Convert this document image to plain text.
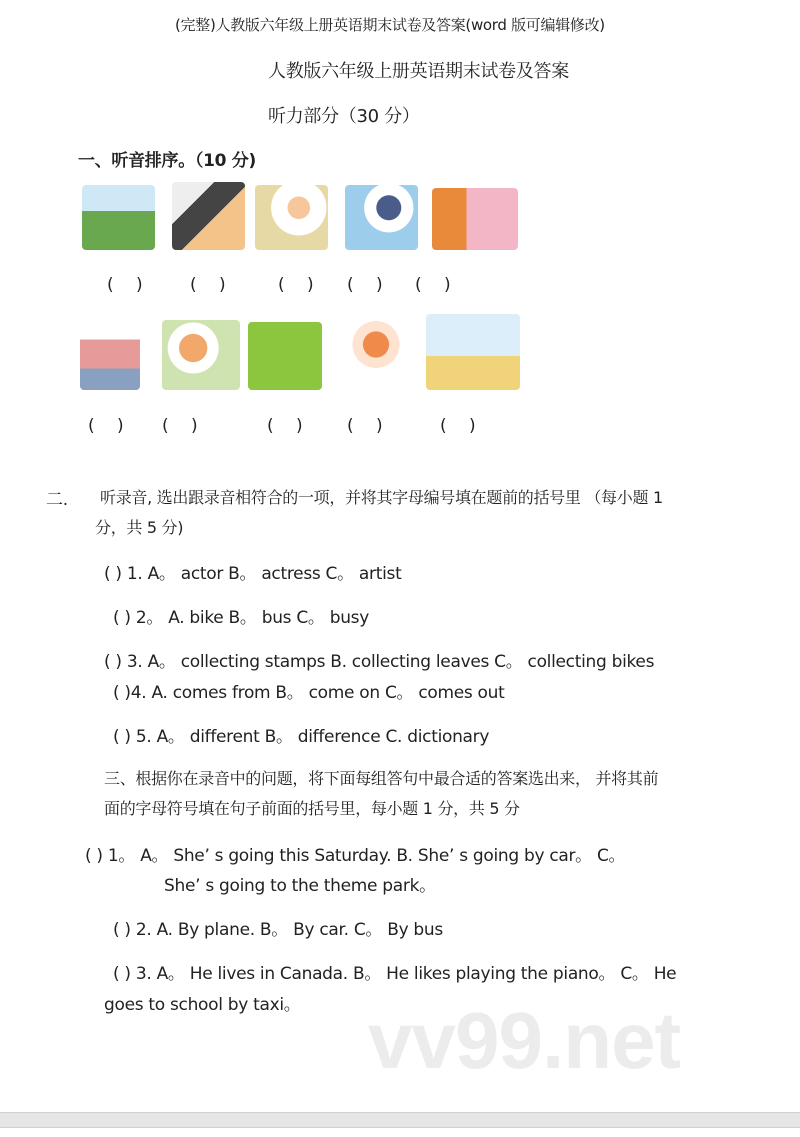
(完整)人教版六年级上册英语期末试卷及答案(word 版可编辑修改)
人教版六年级上册英语期末试卷及答案
听力部分（30 分）
一、听音排序。（10 分)
(　 )	(　 )	(　 ) (　 ) (　 )
(　 ) (　 )	(　 )	(　 )	(　 )
二. 听录音, 选出跟录音相符合的一项，并将其字母编号填在题前的括号里 （每小题 1
分，共 5 分)
( ) 1. A。 actor B。 actress C。 artist
( ) 2。 A. bike B。 bus C。 busy
( ) 3. A。 collecting stamps B. collecting leaves C。 collecting bikes
( )4. A. comes from B。 come on C。 comes out
( ) 5. A。 different B。 difference C. dictionary
三、根据你在录音中的问题，将下面每组答句中最合适的答案选出来， 并将其前
面的字母符号填在句子前面的括号里，每小题 1 分，共 5 分
( ) 1。 A。 She’ s going this Saturday. B. She’ s going by car。 C。
She’ s going to the theme park。
( ) 2. A. By plane. B。 By car. C。 By bus
( ) 3. A。 He lives in Canada. B。 He likes playing the piano。 C。 He
goes to school by taxi。 vv99.net
